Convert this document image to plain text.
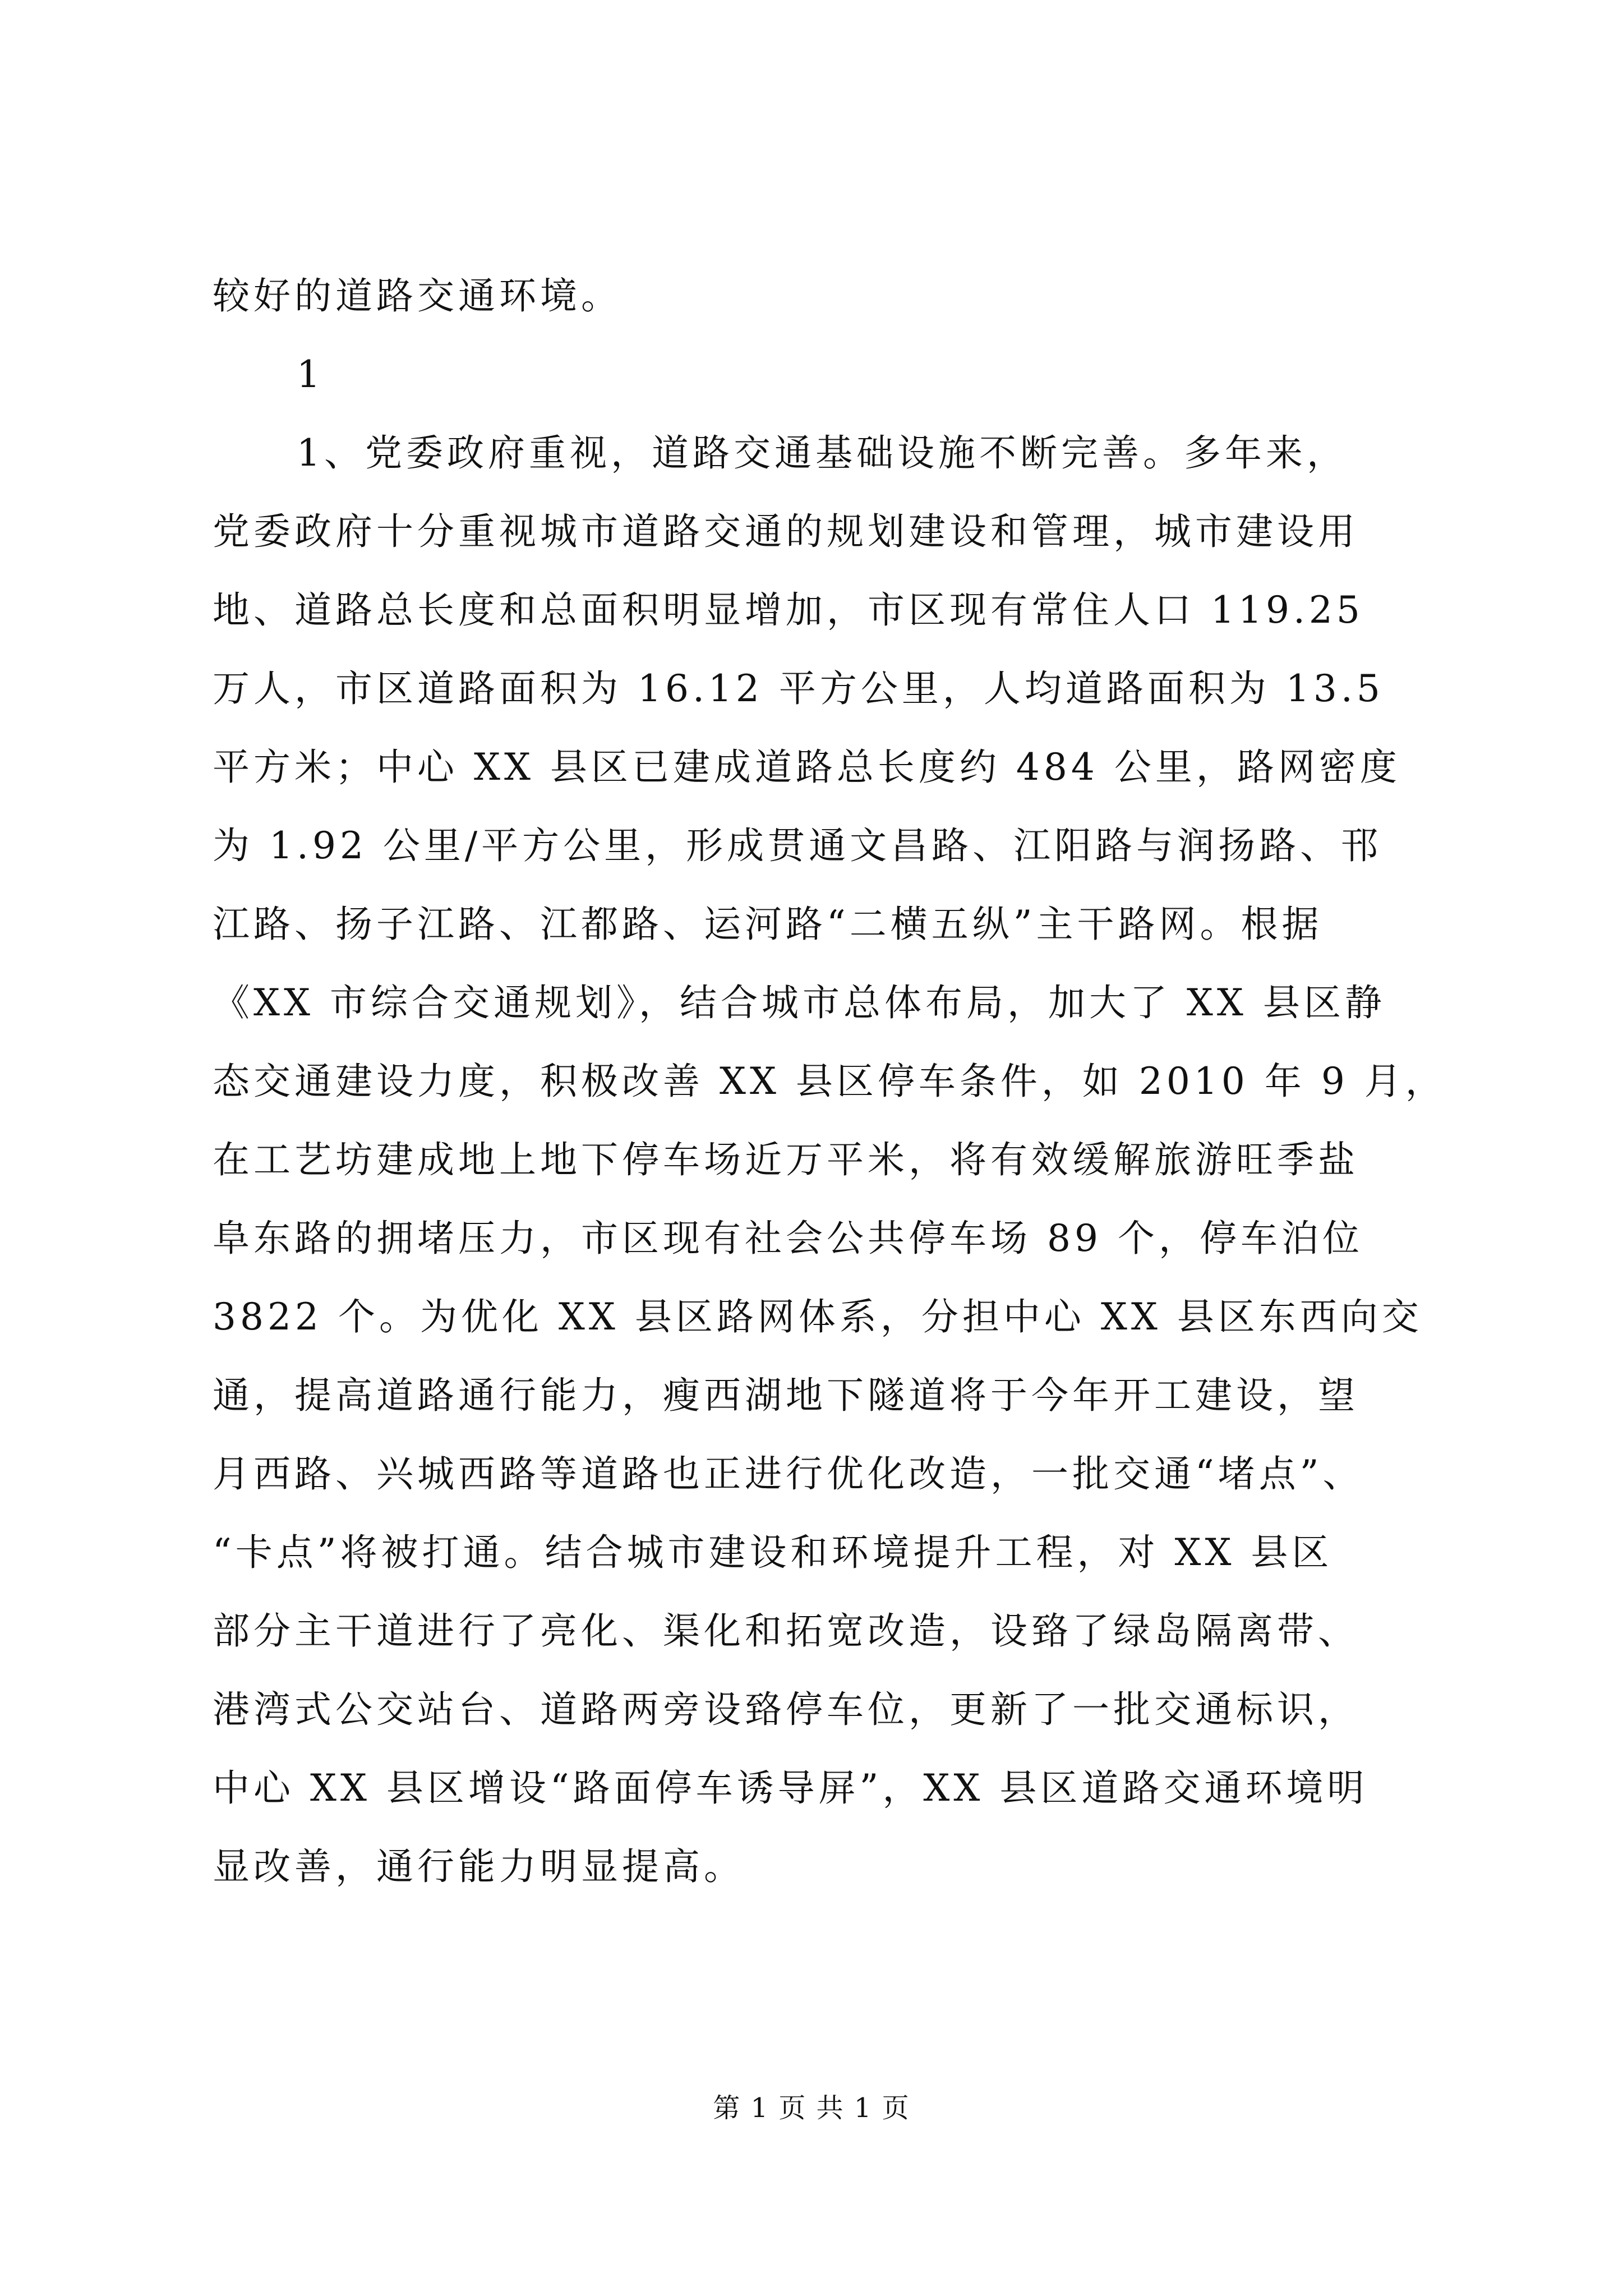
较好的道路交通环境。
1
1、党委政府重视，道路交通基础设施不断完善。多年来，
党委政府十分重视城市道路交通的规划建设和管理，城市建设用
地、道路总长度和总面积明显增加，市区现有常住人口 119.25
万人，市区道路面积为 16.12 平方公里，人均道路面积为 13.5
平方米；中心 XX 县区已建成道路总长度约 484 公里，路网密度
为 1.92 公里/平方公里，形成贯通文昌路、江阳路与润扬路、邗
江路、扬子江路、江都路、运河路“二横五纵”主干路网。根据
《XX 市综合交通规划》，结合城市总体布局，加大了 XX 县区静
态交通建设力度，积极改善 XX 县区停车条件，如 2010 年 9 月，
在工艺坊建成地上地下停车场近万平米，将有效缓解旅游旺季盐
阜东路的拥堵压力，市区现有社会公共停车场 89 个，停车泊位
3822 个。为优化 XX 县区路网体系，分担中心 XX 县区东西向交
通，提高道路通行能力，瘦西湖地下隧道将于今年开工建设，望
月西路、兴城西路等道路也正进行优化改造，一批交通“堵点”、
“卡点”将被打通。结合城市建设和环境提升工程，对 XX 县区
部分主干道进行了亮化、渠化和拓宽改造，设臵了绿岛隔离带、
港湾式公交站台、道路两旁设臵停车位，更新了一批交通标识，
中心 XX 县区增设“路面停车诱导屏”，XX 县区道路交通环境明
显改善，通行能力明显提高。
第 1 页 共 1 页
